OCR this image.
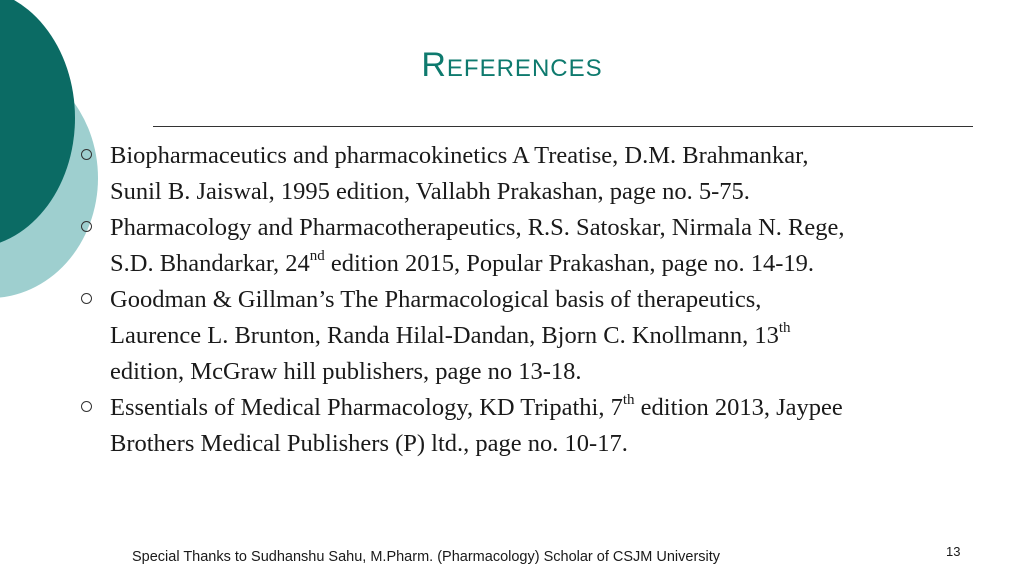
References
Biopharmaceutics and pharmacokinetics A Treatise, D.M. Brahmankar,
Sunil B. Jaiswal, 1995 edition, Vallabh Prakashan, page no. 5-75.
Pharmacology and Pharmacotherapeutics, R.S. Satoskar, Nirmala N. Rege,
S.D. Bhandarkar, 24nd edition 2015, Popular Prakashan, page no. 14-19.
Goodman & Gillman’s The Pharmacological basis of therapeutics,
Laurence L. Brunton, Randa Hilal-Dandan, Bjorn C. Knollmann, 13th
edition, McGraw hill publishers, page no 13-18.
Essentials of Medical Pharmacology, KD Tripathi, 7th edition 2013, Jaypee
Brothers Medical Publishers (P) ltd., page no. 10-17.
Special Thanks to Sudhanshu Sahu, M.Pharm. (Pharmacology) Scholar of CSJM University	13
